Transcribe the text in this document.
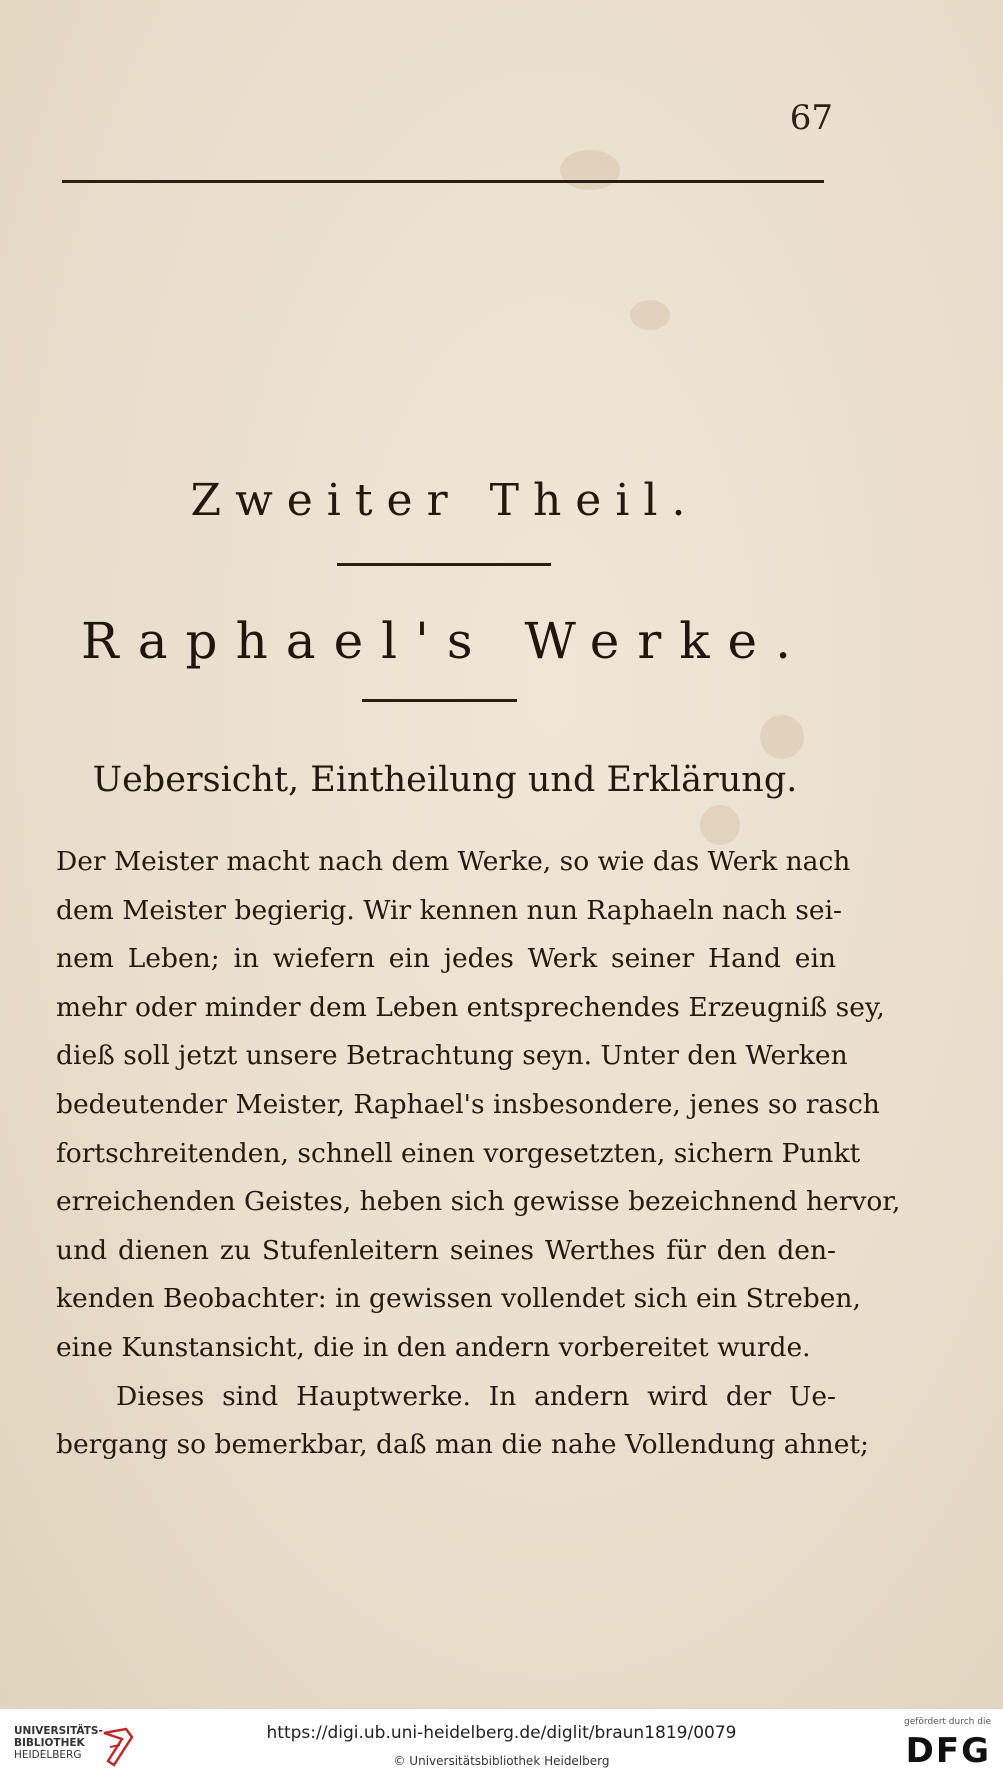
67
Zweiter Theil.
Raphael's Werke.
Uebersicht, Eintheilung und Erklärung.
Der Meister macht nach dem Werke, so wie das Werk nach
dem Meister begierig. Wir kennen nun Raphaeln nach sei-
nem Leben; in wiefern ein jedes Werk seiner Hand ein
mehr oder minder dem Leben entsprechendes Erzeugniß sey,
dieß soll jetzt unsere Betrachtung seyn. Unter den Werken
bedeutender Meister, Raphael's insbesondere, jenes so rasch
fortschreitenden, schnell einen vorgesetzten, sichern Punkt
erreichenden Geistes, heben sich gewisse bezeichnend hervor,
und dienen zu Stufenleitern seines Werthes für den den-
kenden Beobachter: in gewissen vollendet sich ein Streben,
eine Kunstansicht, die in den andern vorbereitet wurde.
Dieses sind Hauptwerke. In andern wird der Ue-
bergang so bemerkbar, daß man die nahe Vollendung ahnet;
UNIVERSITÄTS-
BIBLIOTHEK
HEIDELBERG
https://digi.ub.uni-heidelberg.de/diglit/braun1819/0079
© Universitätsbibliothek Heidelberg
gefördert durch die
DFG
